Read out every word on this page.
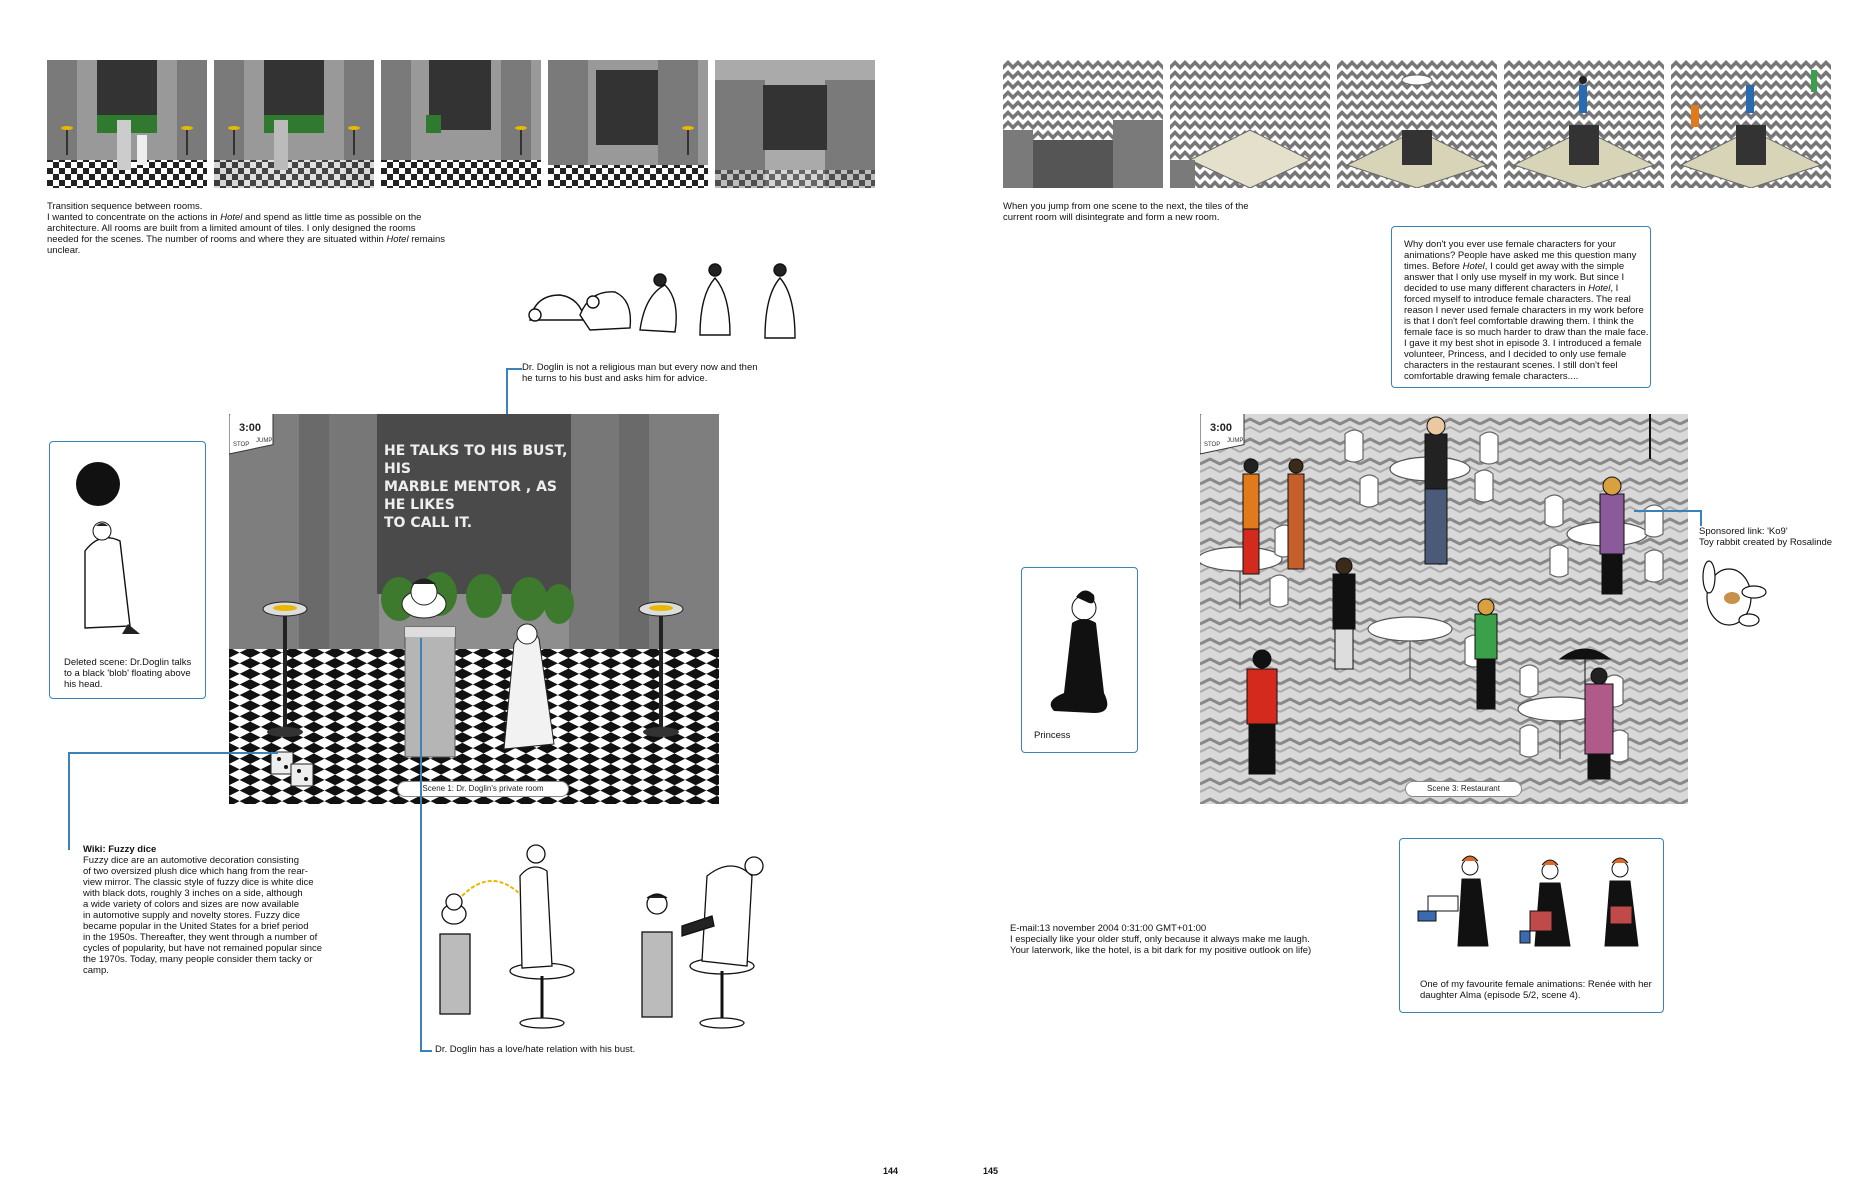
Transition sequence between rooms.
I wanted to concentrate on the actions in Hotel and spend as little time as possible on the
architecture. All rooms are built from a limited amount of tiles. I only designed the rooms
needed for the scenes. The number of rooms and where they are situated within Hotel remains
unclear.
Dr. Doglin is not a religious man but every now and then
he turns to his bust and asks him for advice.
3:00
STOP
JUMP
HE TALKS TO HIS BUST, HIS
MARBLE MENTOR , AS HE LIKES
TO CALL IT.
Scene 1: Dr. Doglin's private room
Deleted scene: Dr.Doglin talks
to a black 'blob' floating above
his head.
Wiki: Fuzzy dice
Fuzzy dice are an automotive decoration consisting
of two oversized plush dice which hang from the rear-
view mirror. The classic style of fuzzy dice is white dice
with black dots, roughly 3 inches on a side, although
a wide variety of colors and sizes are now available
in automotive supply and novelty stores. Fuzzy dice
became popular in the United States for a brief period
in the 1950s. Thereafter, they went through a number of
cycles of popularity, but have not remained popular since
the 1970s. Today, many people consider them tacky or
camp.
Dr. Doglin has a love/hate relation with his bust.
144
When you jump from one scene to the next, the tiles of the
current room will disintegrate and form a new room.
Why don't you ever use female characters for your
animations? People have asked me this question many
times. Before Hotel, I could get away with the simple
answer that I only use myself in my work. But since I
decided to use many different characters in Hotel, I
forced myself to introduce female characters. The real
reason I never used female characters in my work before
is that I don't feel comfortable drawing them. I think the
female face is so much harder to draw than the male face.
I gave it my best shot in episode 3. I introduced a female
volunteer, Princess, and I decided to only use female
characters in the restaurant scenes. I still don't feel
comfortable drawing female characters....
3:00
STOP
JUMP
Scene 3: Restaurant
Sponsored link: 'Ko9'
Toy rabbit created by Rosalinde
Princess
E-mail:13 november 2004 0:31:00 GMT+01:00
I especially like your older stuff, only because it always make me laugh.
Your laterwork, like the hotel, is a bit dark for my positive outlook on life)
One of my favourite female animations: Renée with her
daughter Alma (episode 5/2, scene 4).
145
